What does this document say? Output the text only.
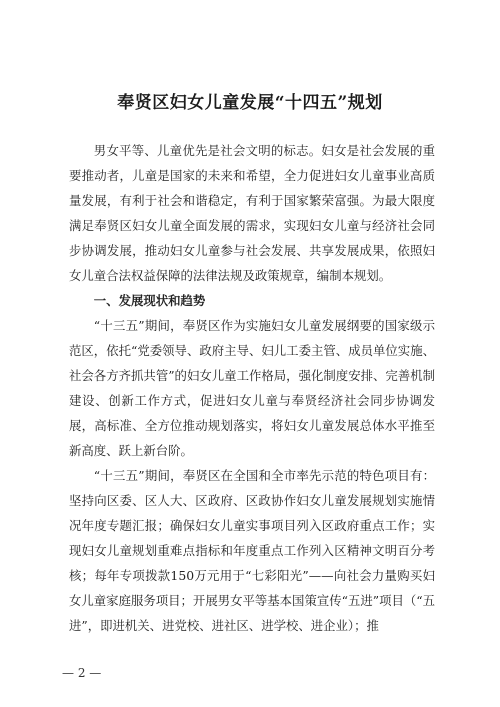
奉贤区妇女儿童发展“十四五”规划

男女平等、儿童优先是社会文明的标志。妇女是社会发展的重要推动者，儿童是国家的未来和希望，全力促进妇女儿童事业高质量发展，有利于社会和谐稳定，有利于国家繁荣富强。为最大限度满足奉贤区妇女儿童全面发展的需求，实现妇女儿童与经济社会同步协调发展，推动妇女儿童参与社会发展、共享发展成果，依照妇女儿童合法权益保障的法律法规及政策规章，编制本规划。

一、发展现状和趋势

“十三五”期间，奉贤区作为实施妇女儿童发展纲要的国家级示范区，依托“党委领导、政府主导、妇儿工委主管、成员单位实施、社会各方齐抓共管”的妇女儿童工作格局，强化制度安排、完善机制建设、创新工作方式，促进妇女儿童与奉贤经济社会同步协调发展，高标准、全方位推动规划落实，将妇女儿童发展总体水平推至新高度、跃上新台阶。

“十三五”期间，奉贤区在全国和全市率先示范的特色项目有：坚持向区委、区人大、区政府、区政协作妇女儿童发展规划实施情况年度专题汇报；确保妇女儿童实事项目列入区政府重点工作；实现妇女儿童规划重难点指标和年度重点工作列入区精神文明百分考核；每年专项拨款150万元用于“七彩阳光”——向社会力量购买妇女儿童家庭服务项目；开展男女平等基本国策宣传“五进”项目（“五进”，即进机关、进党校、进社区、进学校、进企业）；推

— 2 —
